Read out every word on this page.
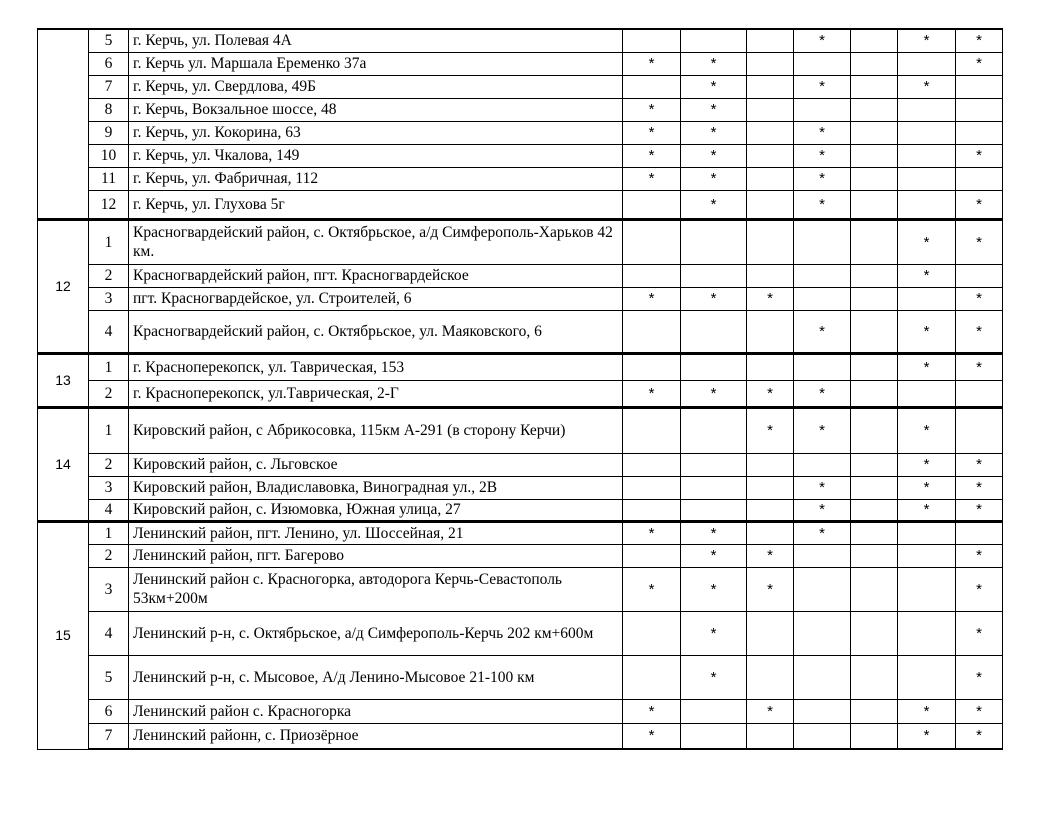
	5	г. Керчь, ул. Полевая 4А				*		*	*
	6	г. Керчь ул. Маршала Еременко 37а	*	*					*
	7	г. Керчь, ул. Свердлова, 49Б		*		*		*	
	8	г. Керчь, Вокзальное шоссе, 48	*	*					
	9	г. Керчь, ул. Кокорина, 63	*	*		*			
	10	г. Керчь, ул. Чкалова, 149	*	*		*			*
	11	г. Керчь, ул. Фабричная, 112	*	*		*			
	12	г. Керчь, ул. Глухова 5г		*		*			*
12	1	Красногвардейский район, с. Октябрьское, а/д Симферополь-Харьков 42 км.						*	*
	2	Красногвардейский район, пгт. Красногвардейское						*	
	3	пгт. Красногвардейское, ул. Строителей, 6	*	*	*				*
	4	Красногвардейский район, с. Октябрьское, ул. Маяковского, 6				*		*	*
13	1	г. Красноперекопск, ул. Таврическая, 153						*	*
	2	г. Красноперекопск, ул.Таврическая, 2-Г	*	*	*	*			
14	1	Кировский район, с Абрикосовка, 115км А-291 (в сторону Керчи)			*	*		*	
	2	Кировский район, с. Льговское						*	*
	3	Кировский район, Владиславовка, Виноградная ул., 2В				*		*	*
	4	Кировский район, с. Изюмовка, Южная улица, 27				*		*	*
15	1	Ленинский район, пгт. Ленино, ул. Шоссейная, 21	*	*		*			
	2	Ленинский район, пгт. Багерово		*	*				*
	3	Ленинский район с. Красногорка, автодорога Керчь-Севастополь 53км+200м	*	*	*				*
	4	Ленинский р-н, с. Октябрьское, а/д Симферополь-Керчь 202 км+600м		*					*
	5	Ленинский р-н, с. Мысовое, А/д Ленино-Мысовое 21-100 км		*					*
	6	Ленинский район с. Красногорка	*		*			*	*
	7	Ленинский районн, с. Приозёрное	*					*	*
